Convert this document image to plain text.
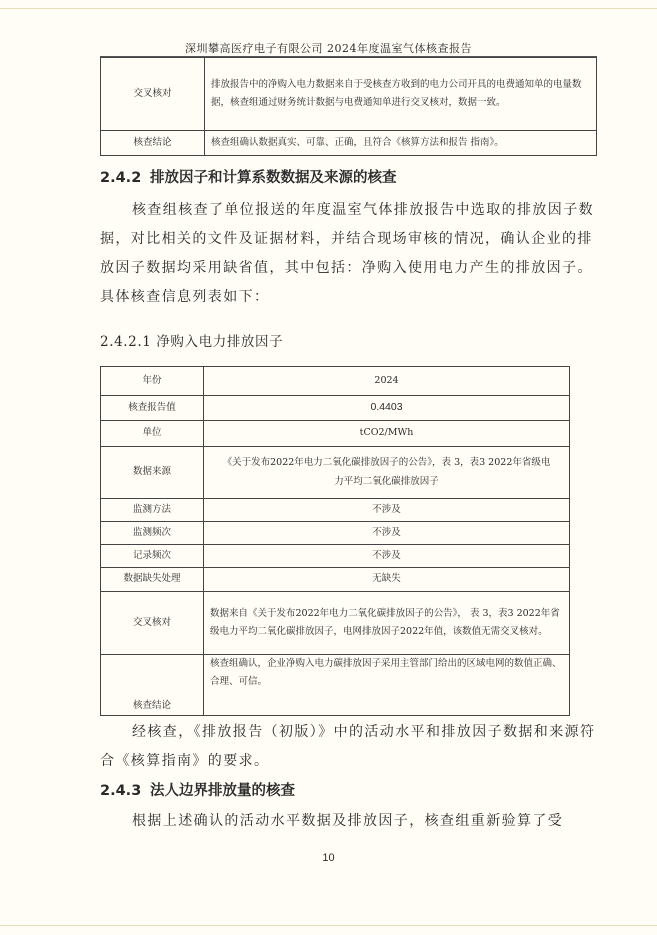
深圳攀高医疗电子有限公司 2024年度温室气体核查报告
交叉核对	排放报告中的净购入电力数据来自于受核查方收到的电力公司开具的电费通知单的电量数据，核查组通过财务统计数据与电费通知单进行交叉核对，数据一致。
核查结论	核查组确认数据真实、可靠、正确，且符合《核算方法和报告 指南》。
2.4.2 排放因子和计算系数数据及来源的核查

核查组核查了单位报送的年度温室气体排放报告中选取的排放因子数据，对比相关的文件及证据材料，并结合现场审核的情况，确认企业的排放因子数据均采用缺省值，其中包括：净购入使用电力产生的排放因子。具体核查信息列表如下：

2.4.2.1 净购入电力排放因子
年份	2024
核查报告值	0.4403
单位	tCO2/MWh
数据来源	《关于发布2022年电力二氧化碳排放因子的公告》，表 3，表3 2022年省级电力平均二氧化碳排放因子
监测方法	不涉及
监测频次	不涉及
记录频次	不涉及
数据缺失处理	无缺失
交叉核对	数据来自《关于发布2022年电力二氧化碳排放因子的公告》， 表 3，表3 2022年省级电力平均二氧化碳排放因子，电网排放因子2022年值，该数值无需交叉核对。
核查结论	核查组确认，企业净购入电力碳排放因子采用主管部门给出的区域电网的数值正确、合理、可信。

经核查，《排放报告（初版）》中的活动水平和排放因子数据和来源符合《核算指南》的要求。

2.4.3 法人边界排放量的核查

根据上述确认的活动水平数据及排放因子，核查组重新验算了受

10
